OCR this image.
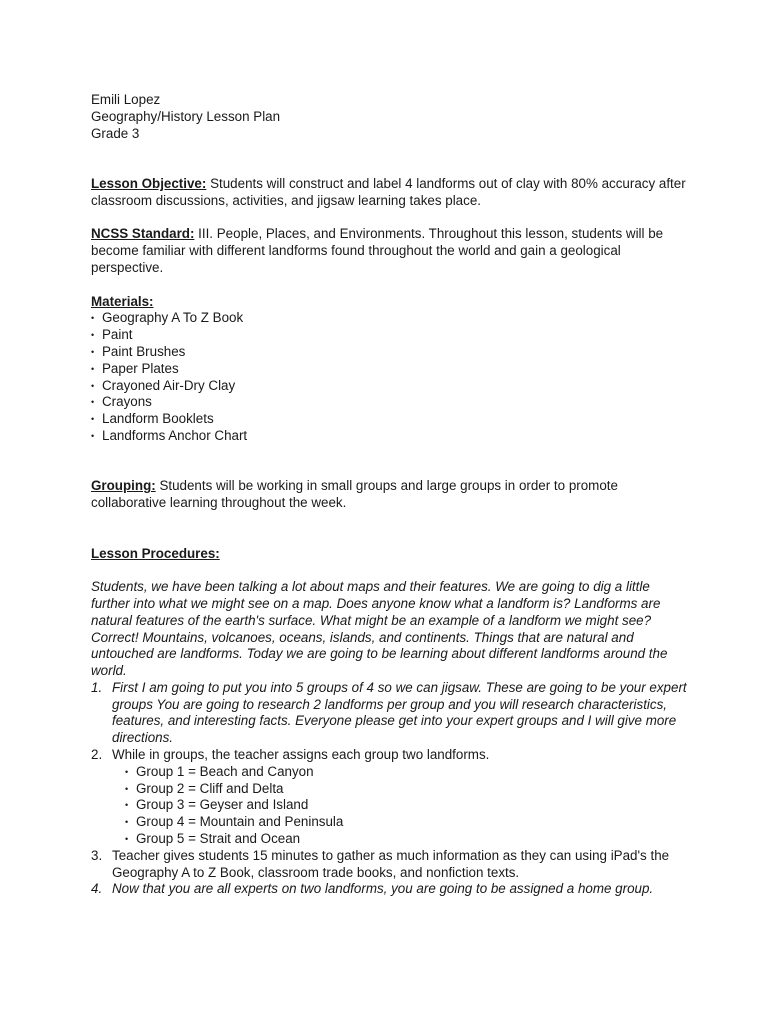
Emili Lopez

Geography/History Lesson Plan

Grade 3

Lesson Objective: Students will construct and label 4 landforms out of clay with 80% accuracy after classroom discussions, activities, and jigsaw learning takes place.

NCSS Standard: III. People, Places, and Environments. Throughout this lesson, students will be become familiar with different landforms found throughout the world and gain a geological perspective.

Materials:

• Geography A To Z Book
• Paint
• Paint Brushes
• Paper Plates
• Crayoned Air-Dry Clay
• Crayons
• Landform Booklets
• Landforms Anchor Chart

Grouping: Students will be working in small groups and large groups in order to promote collaborative learning throughout the week.

Lesson Procedures:

Students, we have been talking a lot about maps and their features. We are going to dig a little further into what we might see on a map. Does anyone know what a landform is? Landforms are natural features of the earth's surface. What might be an example of a landform we might see? Correct! Mountains, volcanoes, oceans, islands, and continents. Things that are natural and untouched are landforms. Today we are going to be learning about different landforms around the world.

1. First I am going to put you into 5 groups of 4 so we can jigsaw. These are going to be your expert groups You are going to research 2 landforms per group and you will research characteristics, features, and interesting facts. Everyone please get into your expert groups and I will give more directions.
2. While in groups, the teacher assigns each group two landforms.
• Group 1 = Beach and Canyon
• Group 2 = Cliff and Delta
• Group 3 = Geyser and Island
• Group 4 = Mountain and Peninsula
• Group 5 = Strait and Ocean
3. Teacher gives students 15 minutes to gather as much information as they can using iPad's the Geography A to Z Book, classroom trade books, and nonfiction texts.
4. Now that you are all experts on two landforms, you are going to be assigned a home group.
